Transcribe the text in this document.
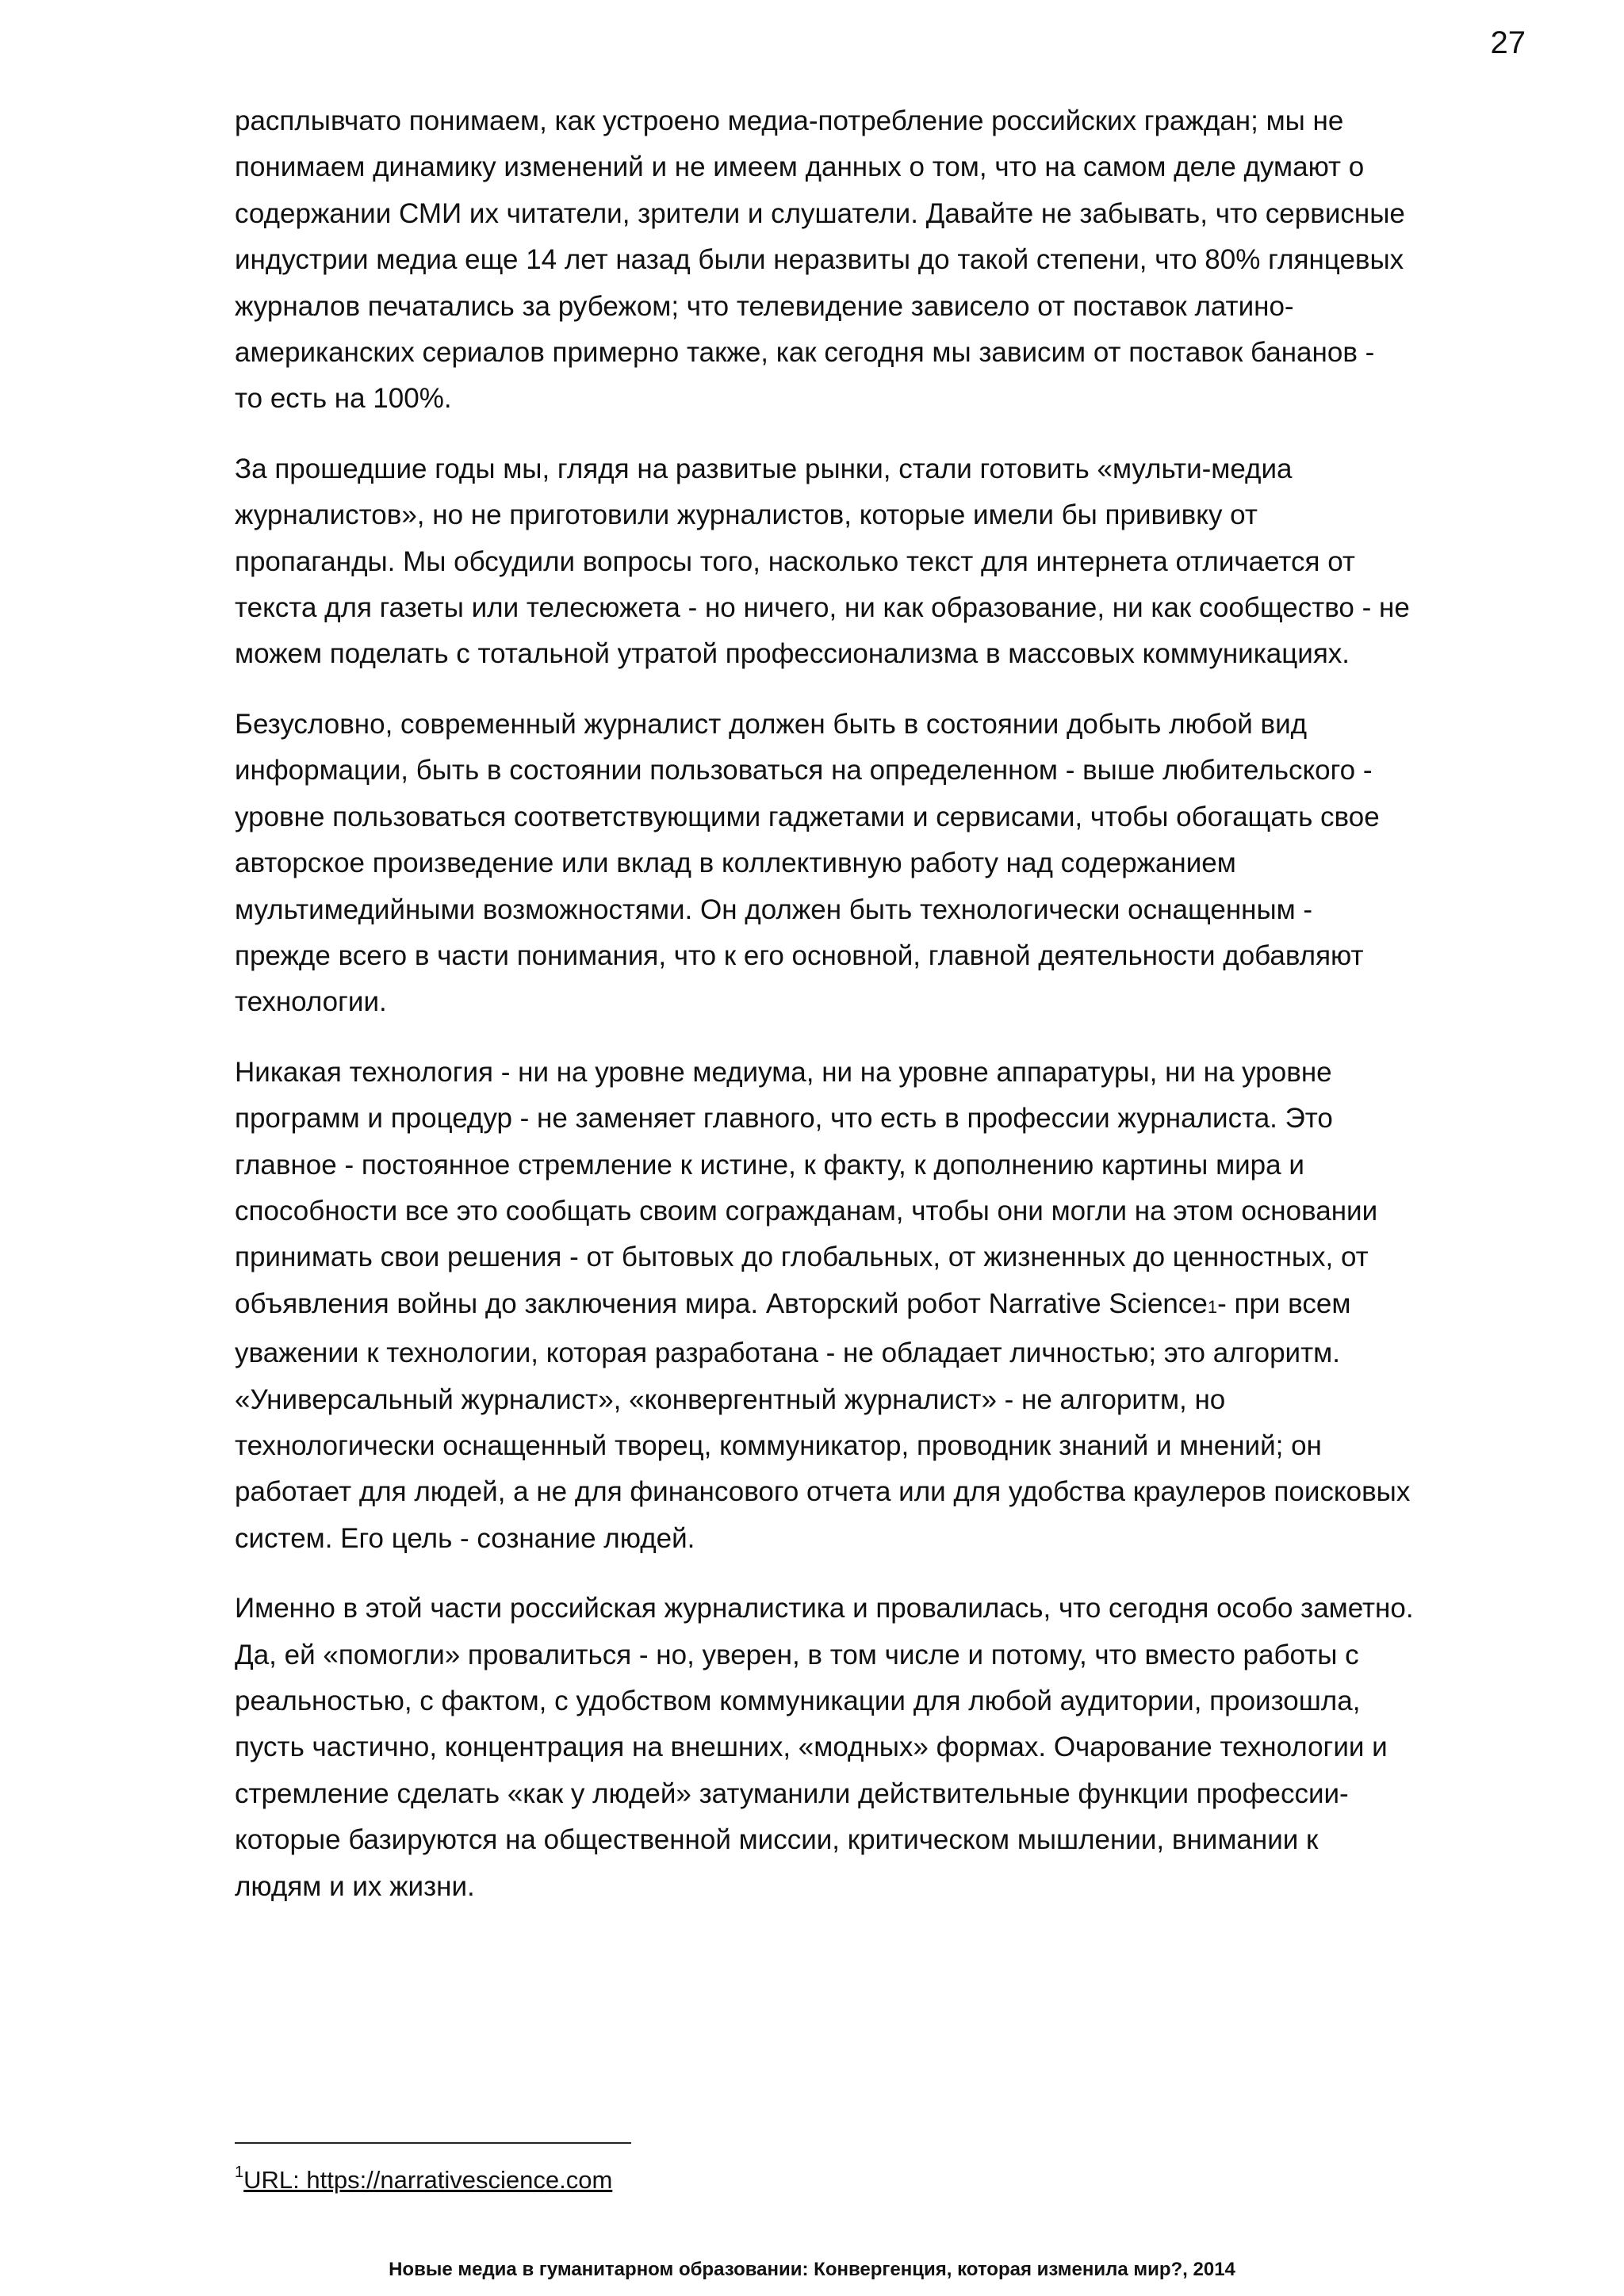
27

расплывчато понимаем, как устроено медиа-потребление российских граждан; мы не
понимаем динамику изменений и не имеем данных о том, что на самом деле думают о
содержании СМИ их читатели, зрители и слушатели. Давайте не забывать, что сервисные
индустрии медиа еще 14 лет назад были неразвиты до такой степени, что 80% глянцевых
журналов печатались за рубежом; что телевидение зависело от поставок латино-
американских сериалов примерно также, как сегодня мы зависим от поставок бананов -
то есть на 100%.

За прошедшие годы мы, глядя на развитые рынки, стали готовить «мульти-медиа
журналистов», но не приготовили журналистов, которые имели бы прививку от
пропаганды. Мы обсудили вопросы того, насколько текст для интернета отличается от
текста для газеты или телесюжета - но ничего, ни как образование, ни как сообщество - не
можем поделать с тотальной утратой профессионализма в массовых коммуникациях.

Безусловно, современный журналист должен быть в состоянии добыть любой вид
информации, быть в состоянии пользоваться на определенном - выше любительского -
уровне пользоваться соответствующими гаджетами и сервисами, чтобы обогащать свое
авторское произведение или вклад в коллективную работу над содержанием
мультимедийными возможностями. Он должен быть технологически оснащенным -
прежде всего в части понимания, что к его основной, главной деятельности добавляют
технологии.

Никакая технология - ни на уровне медиума, ни на уровне аппаратуры, ни на уровне
программ и процедур - не заменяет главного, что есть в профессии журналиста. Это
главное - постоянное стремление к истине, к факту, к дополнению картины мира и
способности все это сообщать своим согражданам, чтобы они могли на этом основании
принимать свои решения - от бытовых до глобальных, от жизненных до ценностных, от
объявления войны до заключения мира. Авторский робот Narrative Science1- при всем
уважении к технологии, которая разработана - не обладает личностью; это алгоритм.
«Универсальный журналист», «конвергентный журналист» - не алгоритм, но
технологически оснащенный творец, коммуникатор, проводник знаний и мнений; он
работает для людей, а не для финансового отчета или для удобства краулеров поисковых
систем. Его цель - сознание людей.

Именно в этой части российская журналистика и провалилась, что сегодня особо заметно.
Да, ей «помогли» провалиться - но, уверен, в том числе и потому, что вместо работы с
реальностью, с фактом, с удобством коммуникации для любой аудитории, произошла,
пусть частично, концентрация на внешних, «модных» формах. Очарование технологии и
стремление сделать «как у людей» затуманили действительные функции профессии-
которые базируются на общественной миссии, критическом мышлении, внимании к
людям и их жизни.

$^1$URL: https://narrativescience.com
Новые медиа в гуманитарном образовании: Конвергенция, которая изменила мир?, 2014
